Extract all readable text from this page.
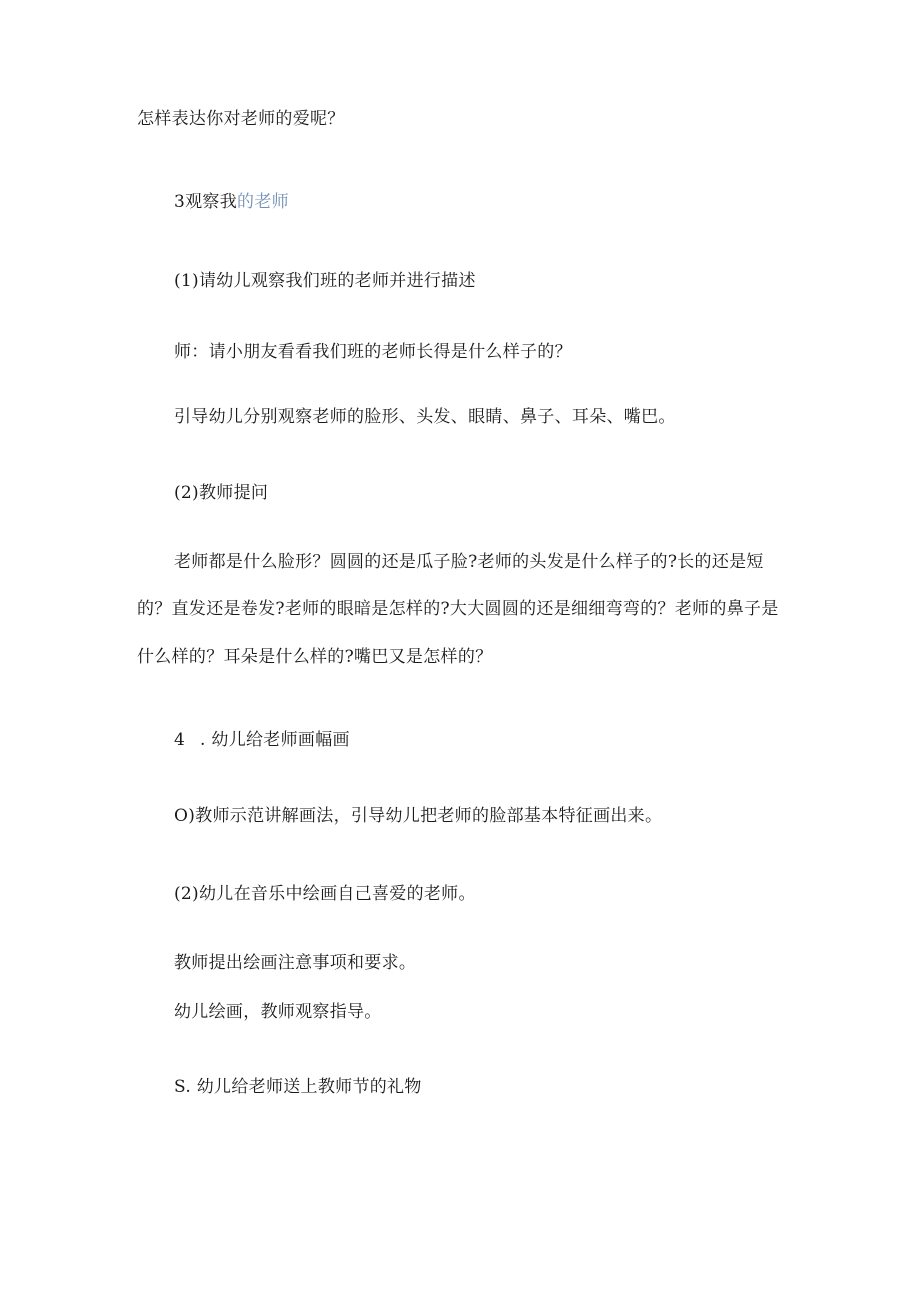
怎样表达你对老师的爱呢？
3观察我的老师
(1)请幼儿观察我们班的老师并进行描述
师：请小朋友看看我们班的老师长得是什么样子的？
引导幼儿分别观察老师的脸形、头发、眼睛、鼻子、耳朵、嘴巴。
(2)教师提问
老师都是什么脸形？圆圆的还是瓜子脸?老师的头发是什么样子的?长的还是短
的？直发还是卷发?老师的眼暗是怎样的?大大圆圆的还是细细弯弯的？老师的鼻子是
什么样的？耳朵是什么样的?嘴巴又是怎样的？
4 . 幼儿给老师画幅画
O)教师示范讲解画法，引导幼儿把老师的脸部基本特征画出来。
(2)幼儿在音乐中绘画自己喜爱的老师。
教师提出绘画注意事项和要求。
幼儿绘画，教师观察指导。
S. 幼儿给老师送上教师节的礼物
